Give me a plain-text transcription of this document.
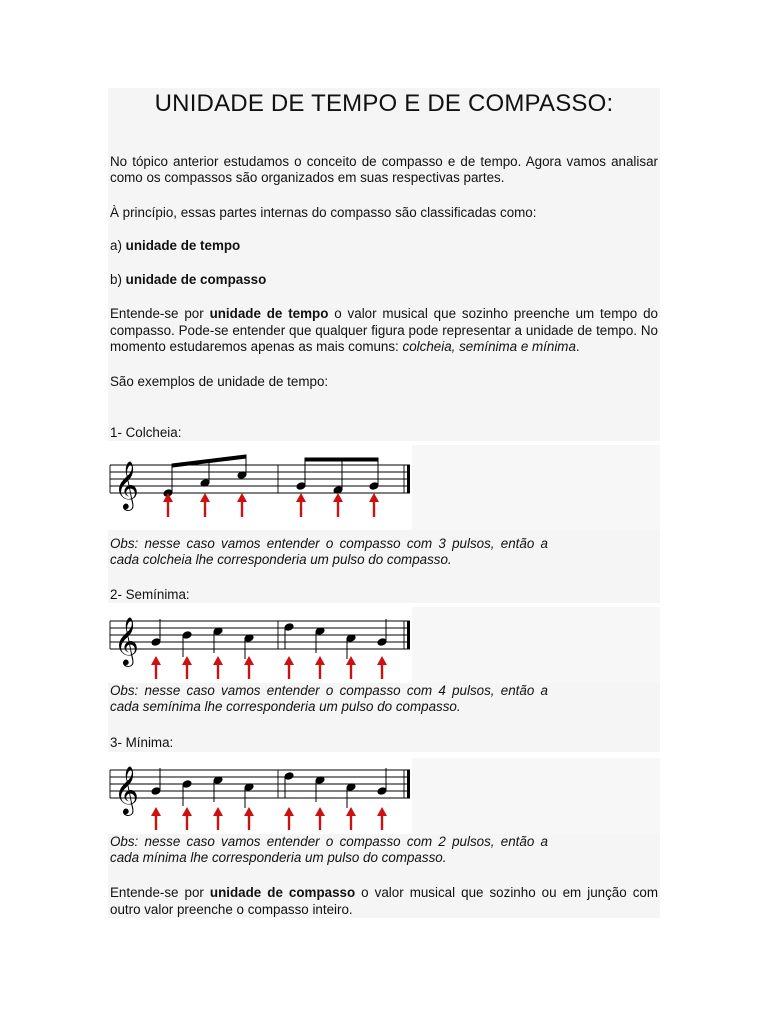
UNIDADE DE TEMPO E DE COMPASSO:

No tópico anterior estudamos o conceito de compasso e de tempo. Agora vamos analisar como os compassos são organizados em suas respectivas partes.

À princípio, essas partes internas do compasso são classificadas como:

a) unidade de tempo

b) unidade de compasso

Entende-se por unidade de tempo o valor musical que sozinho preenche um tempo do compasso. Pode-se entender que qualquer figura pode representar a unidade de tempo. No momento estudaremos apenas as mais comuns: colcheia, semínima e mínima.

São exemplos de unidade de tempo:

1- Colcheia:

𝄞

Obs: nesse caso vamos entender o compasso com 3 pulsos, então a cada colcheia lhe corresponderia um pulso do compasso.

2- Semínima:

𝄞

Obs: nesse caso vamos entender o compasso com 4 pulsos, então a cada semínima lhe corresponderia um pulso do compasso.

3- Mínima:

𝄞

Obs: nesse caso vamos entender o compasso com 2 pulsos, então a cada mínima lhe corresponderia um pulso do compasso.

Entende-se por unidade de compasso o valor musical que sozinho ou em junção com outro valor preenche o compasso inteiro.
